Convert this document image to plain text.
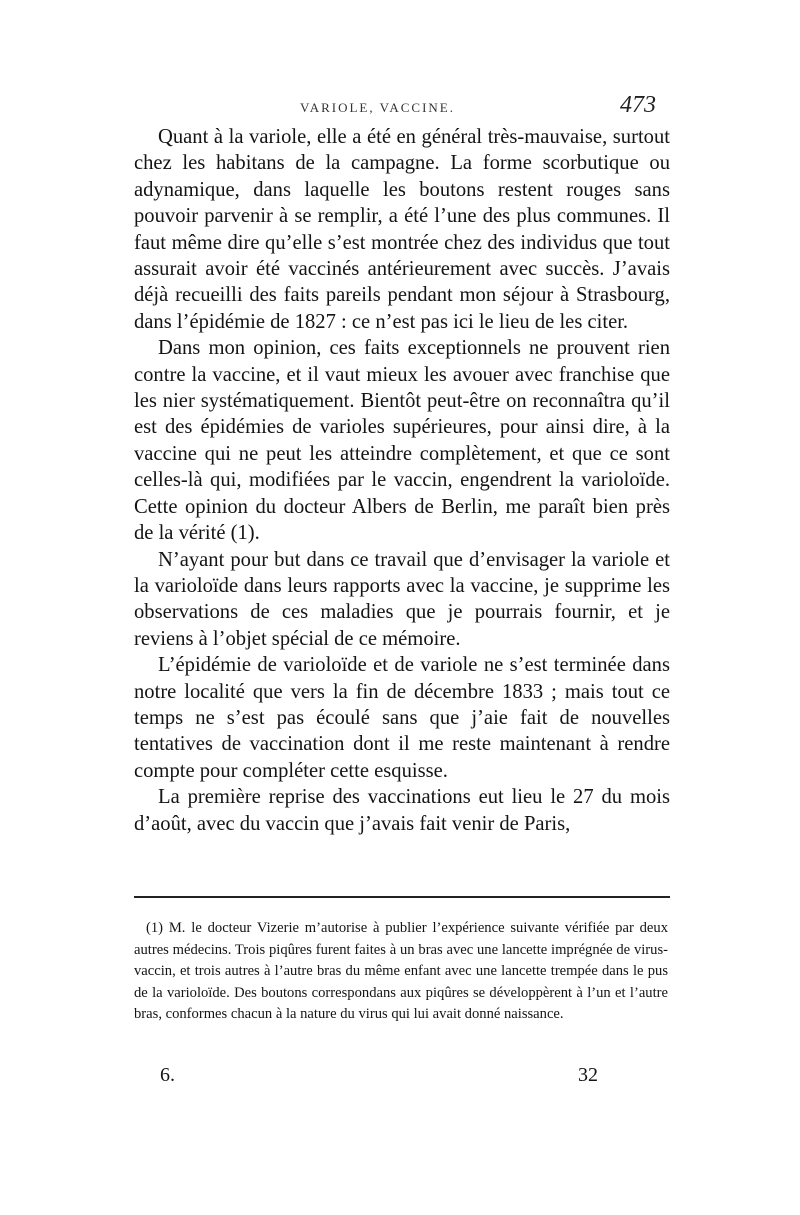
VARIOLE, VACCINE.	473

Quant à la variole, elle a été en général très-mauvaise, surtout chez les habitans de la campagne. La forme scorbutique ou adynamique, dans laquelle les boutons restent rouges sans pouvoir parvenir à se remplir, a été l’une des plus communes. Il faut même dire qu’elle s’est montrée chez des individus que tout assurait avoir été vaccinés antérieurement avec succès. J’avais déjà recueilli des faits pareils pendant mon séjour à Strasbourg, dans l’épidémie de 1827 : ce n’est pas ici le lieu de les citer.

Dans mon opinion, ces faits exceptionnels ne prouvent rien contre la vaccine, et il vaut mieux les avouer avec franchise que les nier systématiquement. Bientôt peut-être on reconnaîtra qu’il est des épidémies de varioles supérieures, pour ainsi dire, à la vaccine qui ne peut les atteindre complètement, et que ce sont celles-là qui, modifiées par le vaccin, engendrent la varioloïde. Cette opinion du docteur Albers de Berlin, me paraît bien près de la vérité (1).

N’ayant pour but dans ce travail que d’envisager la variole et la varioloïde dans leurs rapports avec la vaccine, je supprime les observations de ces maladies que je pourrais fournir, et je reviens à l’objet spécial de ce mémoire.

L’épidémie de varioloïde et de variole ne s’est terminée dans notre localité que vers la fin de décembre 1833 ; mais tout ce temps ne s’est pas écoulé sans que j’aie fait de nouvelles tentatives de vaccination dont il me reste maintenant à rendre compte pour compléter cette esquisse.

La première reprise des vaccinations eut lieu le 27 du mois d’août, avec du vaccin que j’avais fait venir de Paris,

(1) M. le docteur Vizerie m’autorise à publier l’expérience suivante vérifiée par deux autres médecins. Trois piqûres furent faites à un bras avec une lancette imprégnée de virus-vaccin, et trois autres à l’autre bras du même enfant avec une lancette trempée dans le pus de la varioloïde. Des boutons correspondans aux piqûres se développèrent à l’un et l’autre bras, conformes chacun à la nature du virus qui lui avait donné naissance.

6.	32
